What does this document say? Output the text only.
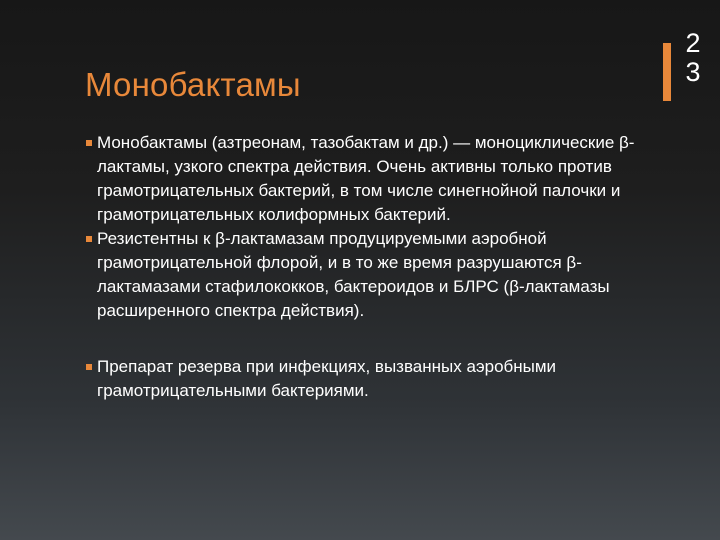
Монобактамы
23
Монобактамы (азтреонам, тазобактам и др.) — моноциклические β-лактамы, узкого спектра действия. Очень активны только против грамотрицательных бактерий, в том числе синегнойной палочки и грамотрицательных колиформных бактерий.
Резистентны к β-лактамазам продуцируемыми аэробной грамотрицательной флорой, и в то же время разрушаются β-лактамазами стафилококков, бактероидов и БЛРС (β-лактамазы расширенного спектра действия).
Препарат резерва при инфекциях, вызванных аэробными грамотрицательными бактериями.
